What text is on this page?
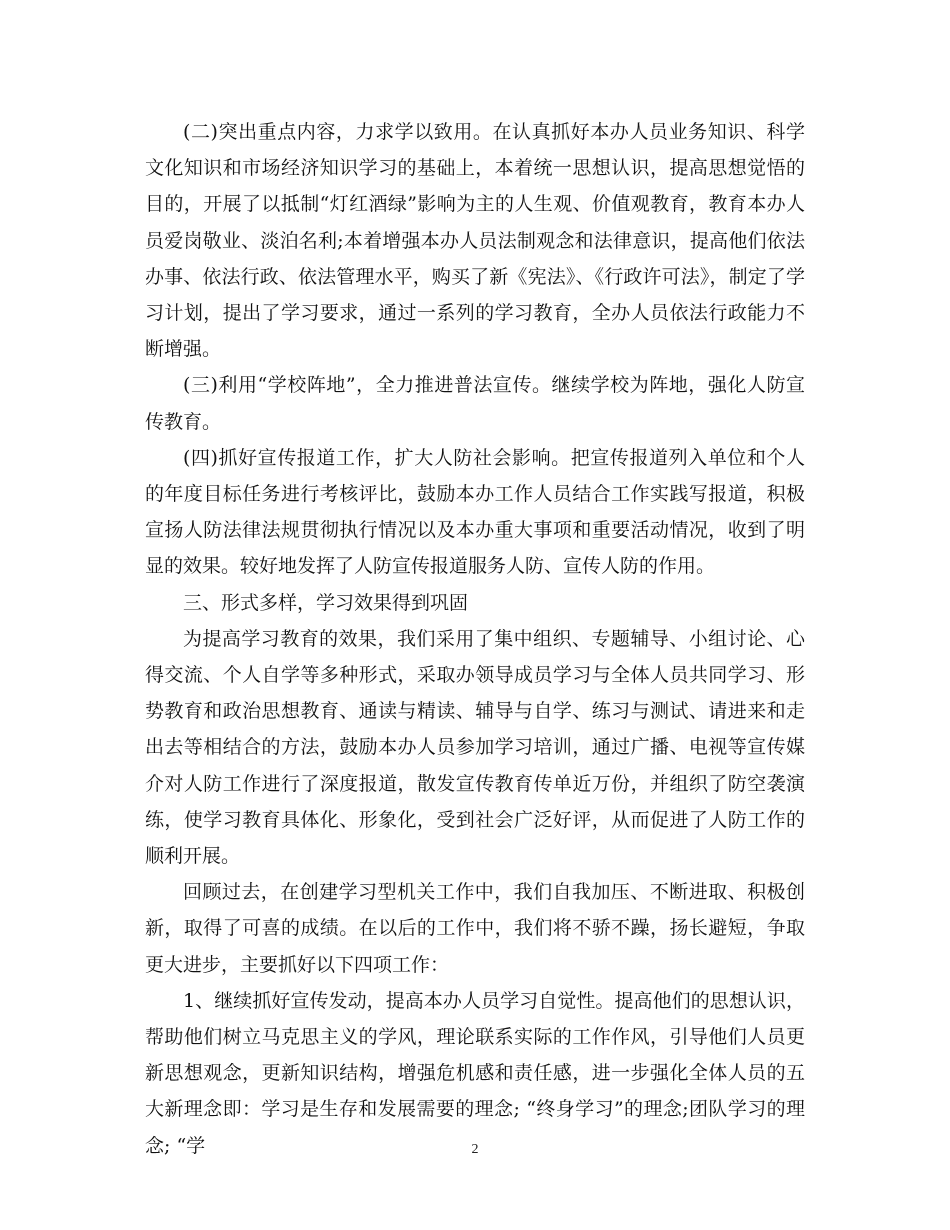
(二)突出重点内容，力求学以致用。在认真抓好本办人员业务知识、科学文化知识和市场经济知识学习的基础上，本着统一思想认识，提高思想觉悟的目的，开展了以抵制“灯红酒绿”影响为主的人生观、价值观教育，教育本办人员爱岗敬业、淡泊名利;本着增强本办人员法制观念和法律意识，提高他们依法办事、依法行政、依法管理水平，购买了新《宪法》、《行政许可法》，制定了学习计划，提出了学习要求，通过一系列的学习教育，全办人员依法行政能力不断增强。

(三)利用“学校阵地”，全力推进普法宣传。继续学校为阵地，强化人防宣传教育。

(四)抓好宣传报道工作，扩大人防社会影响。把宣传报道列入单位和个人的年度目标任务进行考核评比，鼓励本办工作人员结合工作实践写报道，积极宣扬人防法律法规贯彻执行情况以及本办重大事项和重要活动情况，收到了明显的效果。较好地发挥了人防宣传报道服务人防、宣传人防的作用。

三、形式多样，学习效果得到巩固

为提高学习教育的效果，我们采用了集中组织、专题辅导、小组讨论、心得交流、个人自学等多种形式，采取办领导成员学习与全体人员共同学习、形势教育和政治思想教育、通读与精读、辅导与自学、练习与测试、请进来和走出去等相结合的方法，鼓励本办人员参加学习培训，通过广播、电视等宣传媒介对人防工作进行了深度报道，散发宣传教育传单近万份，并组织了防空袭演练，使学习教育具体化、形象化，受到社会广泛好评，从而促进了人防工作的顺利开展。

回顾过去，在创建学习型机关工作中，我们自我加压、不断进取、积极创新，取得了可喜的成绩。在以后的工作中，我们将不骄不躁，扬长避短，争取更大进步，主要抓好以下四项工作：

1、继续抓好宣传发动，提高本办人员学习自觉性。提高他们的思想认识，帮助他们树立马克思主义的学风，理论联系实际的工作作风，引导他们人员更新思想观念，更新知识结构，增强危机感和责任感，进一步强化全体人员的五大新理念即：学习是生存和发展需要的理念; “终身学习”的理念;团队学习的理念; “学	2
